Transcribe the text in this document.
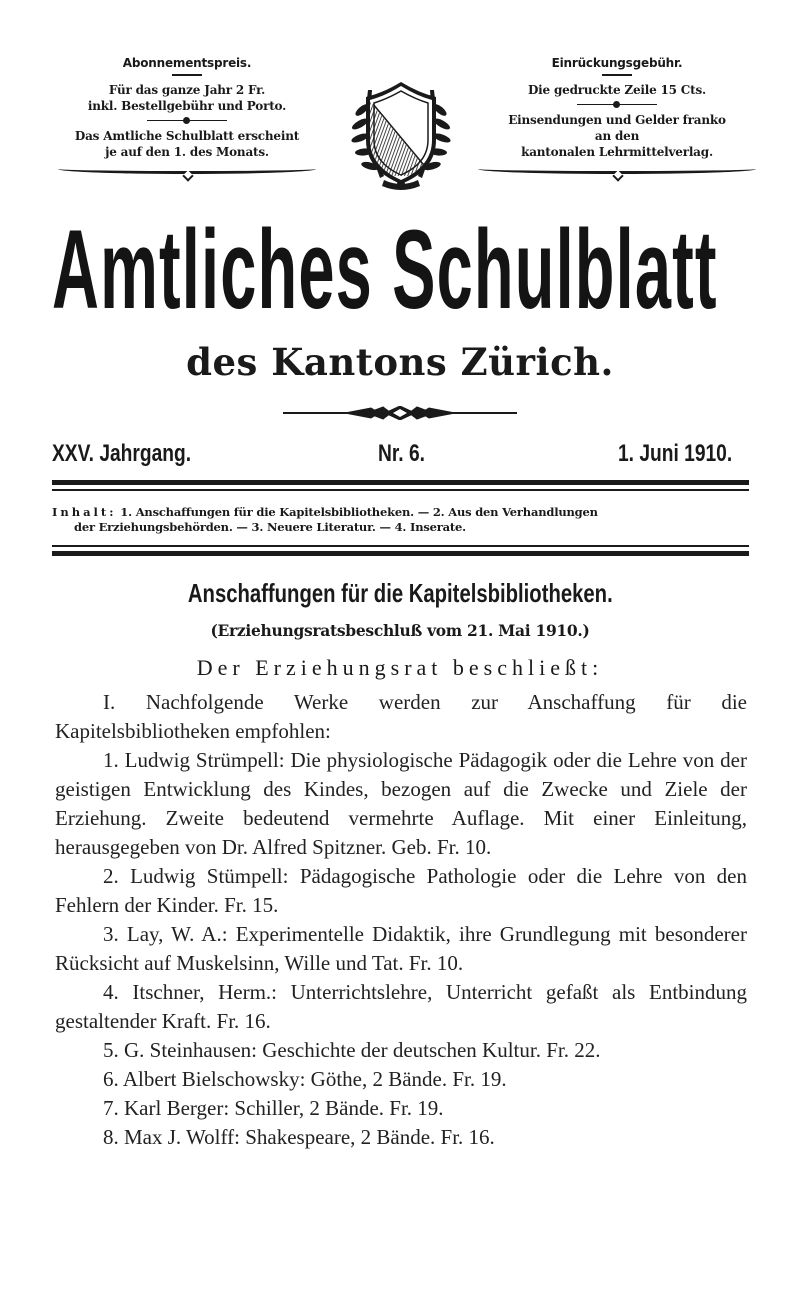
Abonnementspreis.
Für das ganze Jahr 2 Fr.
inkl. Bestellgebühr und Porto.
Das Amtliche Schulblatt erscheint
je auf den 1. des Monats.
Einrückungsgebühr.
Die gedruckte Zeile 15 Cts.
Einsendungen und Gelder franko
an den
kantonalen Lehrmittelverlag.
Amtliches Schulblatt
des Kantons Zürich.
XXV. Jahrgang.	Nr. 6.	1. Juni 1910.
Inhalt: 1. Anschaffungen für die Kapitelsbibliotheken. — 2. Aus den Verhandlungen
der Erziehungsbehörden. — 3. Neuere Literatur. — 4. Inserate.
Anschaffungen für die Kapitelsbibliotheken.
(Erziehungsratsbeschluß vom 21. Mai 1910.)
Der Erziehungsrat beschließt:

I. Nachfolgende Werke werden zur Anschaffung für die Kapitelsbibliotheken empfohlen:

1. Ludwig Strümpell: Die physiologische Pädagogik oder die Lehre von der geistigen Entwicklung des Kindes, bezogen auf die Zwecke und Ziele der Erziehung. Zweite bedeutend vermehrte Auflage. Mit einer Einleitung, herausgegeben von Dr. Alfred Spitzner. Geb. Fr. 10.

2. Ludwig Stümpell: Pädagogische Pathologie oder die Lehre von den Fehlern der Kinder. Fr. 15.

3. Lay, W. A.: Experimentelle Didaktik, ihre Grundlegung mit besonderer Rücksicht auf Muskelsinn, Wille und Tat. Fr. 10.

4. Itschner, Herm.: Unterrichtslehre, Unterricht gefaßt als Entbindung gestaltender Kraft. Fr. 16.

5. G. Steinhausen: Geschichte der deutschen Kultur. Fr. 22.

6. Albert Bielschowsky: Göthe, 2 Bände. Fr. 19.

7. Karl Berger: Schiller, 2 Bände. Fr. 19.

8. Max J. Wolff: Shakespeare, 2 Bände. Fr. 16.
